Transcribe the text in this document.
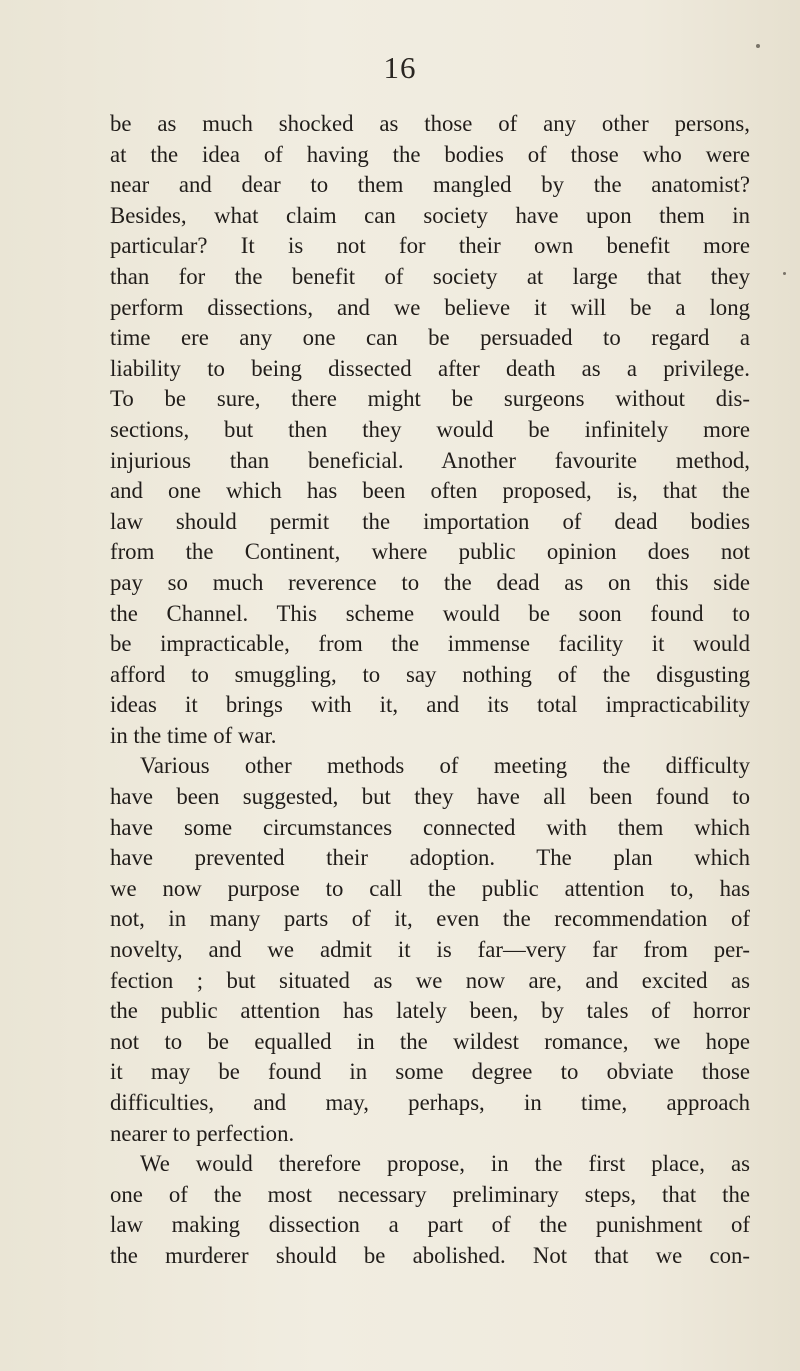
16
be as much shocked as those of any other persons,
at the idea of having the bodies of those who were
near and dear to them mangled by the anatomist?
Besides, what claim can society have upon them in
particular? It is not for their own benefit more
than for the benefit of society at large that they
perform dissections, and we believe it will be a long
time ere any one can be persuaded to regard a
liability to being dissected after death as a privilege.
To be sure, there might be surgeons without dis-
sections, but then they would be infinitely more
injurious than beneficial. Another favourite method,
and one which has been often proposed, is, that the
law should permit the importation of dead bodies
from the Continent, where public opinion does not
pay so much reverence to the dead as on this side
the Channel. This scheme would be soon found to
be impracticable, from the immense facility it would
afford to smuggling, to say nothing of the disgusting
ideas it brings with it, and its total impracticability
in the time of war.
Various other methods of meeting the difficulty
have been suggested, but they have all been found to
have some circumstances connected with them which
have prevented their adoption. The plan which
we now purpose to call the public attention to, has
not, in many parts of it, even the recommendation of
novelty, and we admit it is far—very far from per-
fection ; but situated as we now are, and excited as
the public attention has lately been, by tales of horror
not to be equalled in the wildest romance, we hope
it may be found in some degree to obviate those
difficulties, and may, perhaps, in time, approach
nearer to perfection.
We would therefore propose, in the first place, as
one of the most necessary preliminary steps, that the
law making dissection a part of the punishment of
the murderer should be abolished. Not that we con-
